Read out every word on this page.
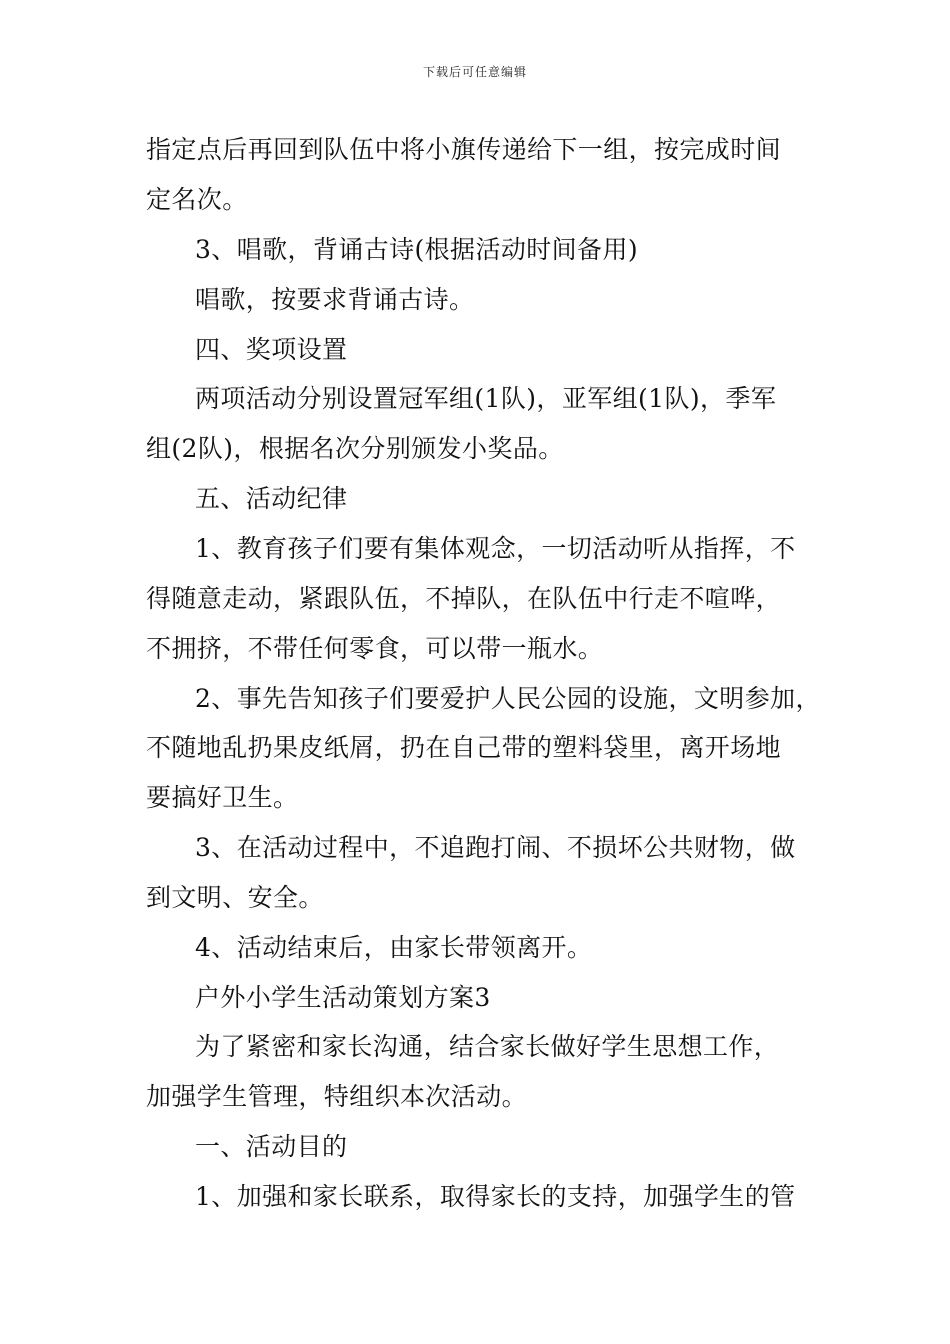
下载后可任意编辑
指定点后再回到队伍中将小旗传递给下一组，按完成时间
定名次。
3、唱歌，背诵古诗(根据活动时间备用)
唱歌，按要求背诵古诗。
四、奖项设置
两项活动分别设置冠军组(1队)，亚军组(1队)，季军
组(2队)，根据名次分别颁发小奖品。
五、活动纪律
1、教育孩子们要有集体观念，一切活动听从指挥，不
得随意走动，紧跟队伍，不掉队，在队伍中行走不喧哗，
不拥挤，不带任何零食，可以带一瓶水。
2、事先告知孩子们要爱护人民公园的设施，文明参加，
不随地乱扔果皮纸屑，扔在自己带的塑料袋里，离开场地
要搞好卫生。
3、在活动过程中，不追跑打闹、不损坏公共财物，做
到文明、安全。
4、活动结束后，由家长带领离开。
户外小学生活动策划方案3
为了紧密和家长沟通，结合家长做好学生思想工作，
加强学生管理，特组织本次活动。
一、活动目的
1、加强和家长联系，取得家长的支持，加强学生的管
